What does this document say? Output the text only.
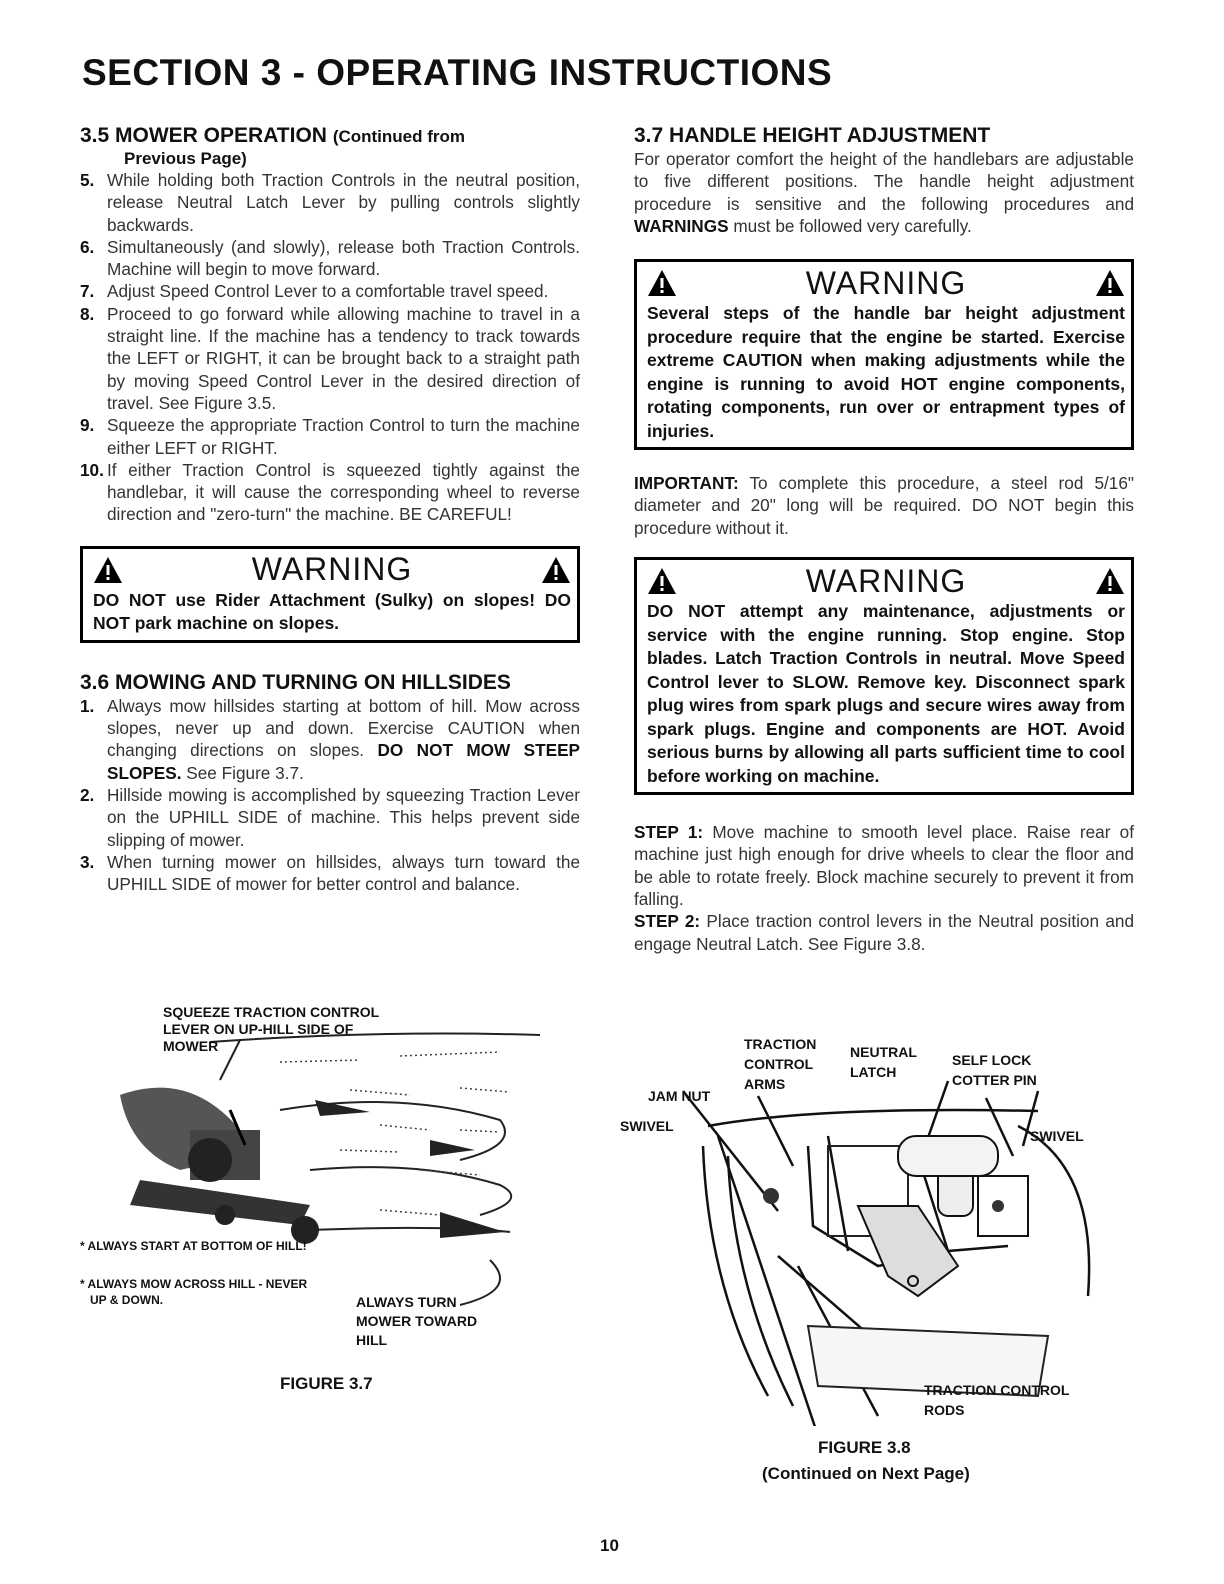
SECTION 3 - OPERATING INSTRUCTIONS
3.5 MOWER OPERATION (Continued from
Previous Page)
5. While holding both Traction Controls in the neutral position, release Neutral Latch Lever by pulling controls slightly backwards.
6. Simultaneously (and slowly), release both Traction Controls. Machine will begin to move forward.
7. Adjust Speed Control Lever to a comfortable travel speed.
8. Proceed to go forward while allowing machine to travel in a straight line. If the machine has a tendency to track towards the LEFT or RIGHT, it can be brought back to a straight path by moving Speed Control Lever in the desired direction of travel. See Figure 3.5.
9. Squeeze the appropriate Traction Control to turn the machine either LEFT or RIGHT.
10. If either Traction Control is squeezed tightly against the handlebar, it will cause the corresponding wheel to reverse direction and "zero-turn" the machine. BE CAREFUL!
WARNING
DO NOT use Rider Attachment (Sulky) on slopes! DO NOT park machine on slopes.
3.6 MOWING AND TURNING ON HILLSIDES
1. Always mow hillsides starting at bottom of hill. Mow across slopes, never up and down. Exercise CAUTION when changing directions on slopes. DO NOT MOW STEEP SLOPES. See Figure 3.7.
2. Hillside mowing is accomplished by squeezing Traction Lever on the UPHILL SIDE of machine. This helps prevent side slipping of mower.
3. When turning mower on hillsides, always turn toward the UPHILL SIDE of mower for better control and balance.
SQUEEZE TRACTION CONTROL
LEVER ON UP-HILL SIDE OF
MOWER
* ALWAYS START AT BOTTOM OF HILL!
* ALWAYS MOW ACROSS HILL - NEVER
UP & DOWN.	ALWAYS TURN
MOWER TOWARD
HILL
FIGURE 3.7
3.7 HANDLE HEIGHT ADJUSTMENT

For operator comfort the height of the handlebars are adjustable to five different positions. The handle height adjustment procedure is sensitive and the following procedures and WARNINGS must be followed very carefully.

WARNING
Several steps of the handle bar height adjustment procedure require that the engine be started. Exercise extreme CAUTION when making adjustments while the engine is running to avoid HOT engine components, rotating components, run over or entrapment types of injuries.

IMPORTANT: To complete this procedure, a steel rod 5/16" diameter and 20" long will be required. DO NOT begin this procedure without it.

WARNING
DO NOT attempt any maintenance, adjustments or service with the engine running. Stop engine. Stop blades. Latch Traction Controls in neutral. Move Speed Control lever to SLOW. Remove key. Disconnect spark plug wires from spark plugs and secure wires away from spark plugs. Engine and components are HOT. Avoid serious burns by allowing all parts sufficient time to cool before working on machine.

STEP 1: Move machine to smooth level place. Raise rear of machine just high enough for drive wheels to clear the floor and be able to rotate freely. Block machine securely to prevent it from falling.

STEP 2: Place traction control levers in the Neutral position and engage Neutral Latch. See Figure 3.8.

TRACTION
CONTROL
ARMS
NEUTRAL
LATCH
SELF LOCK
COTTER PIN
JAM NUT
SWIVEL
SWIVEL
TRACTION CONTROL
RODS
FIGURE 3.8
(Continued on Next Page)
10
